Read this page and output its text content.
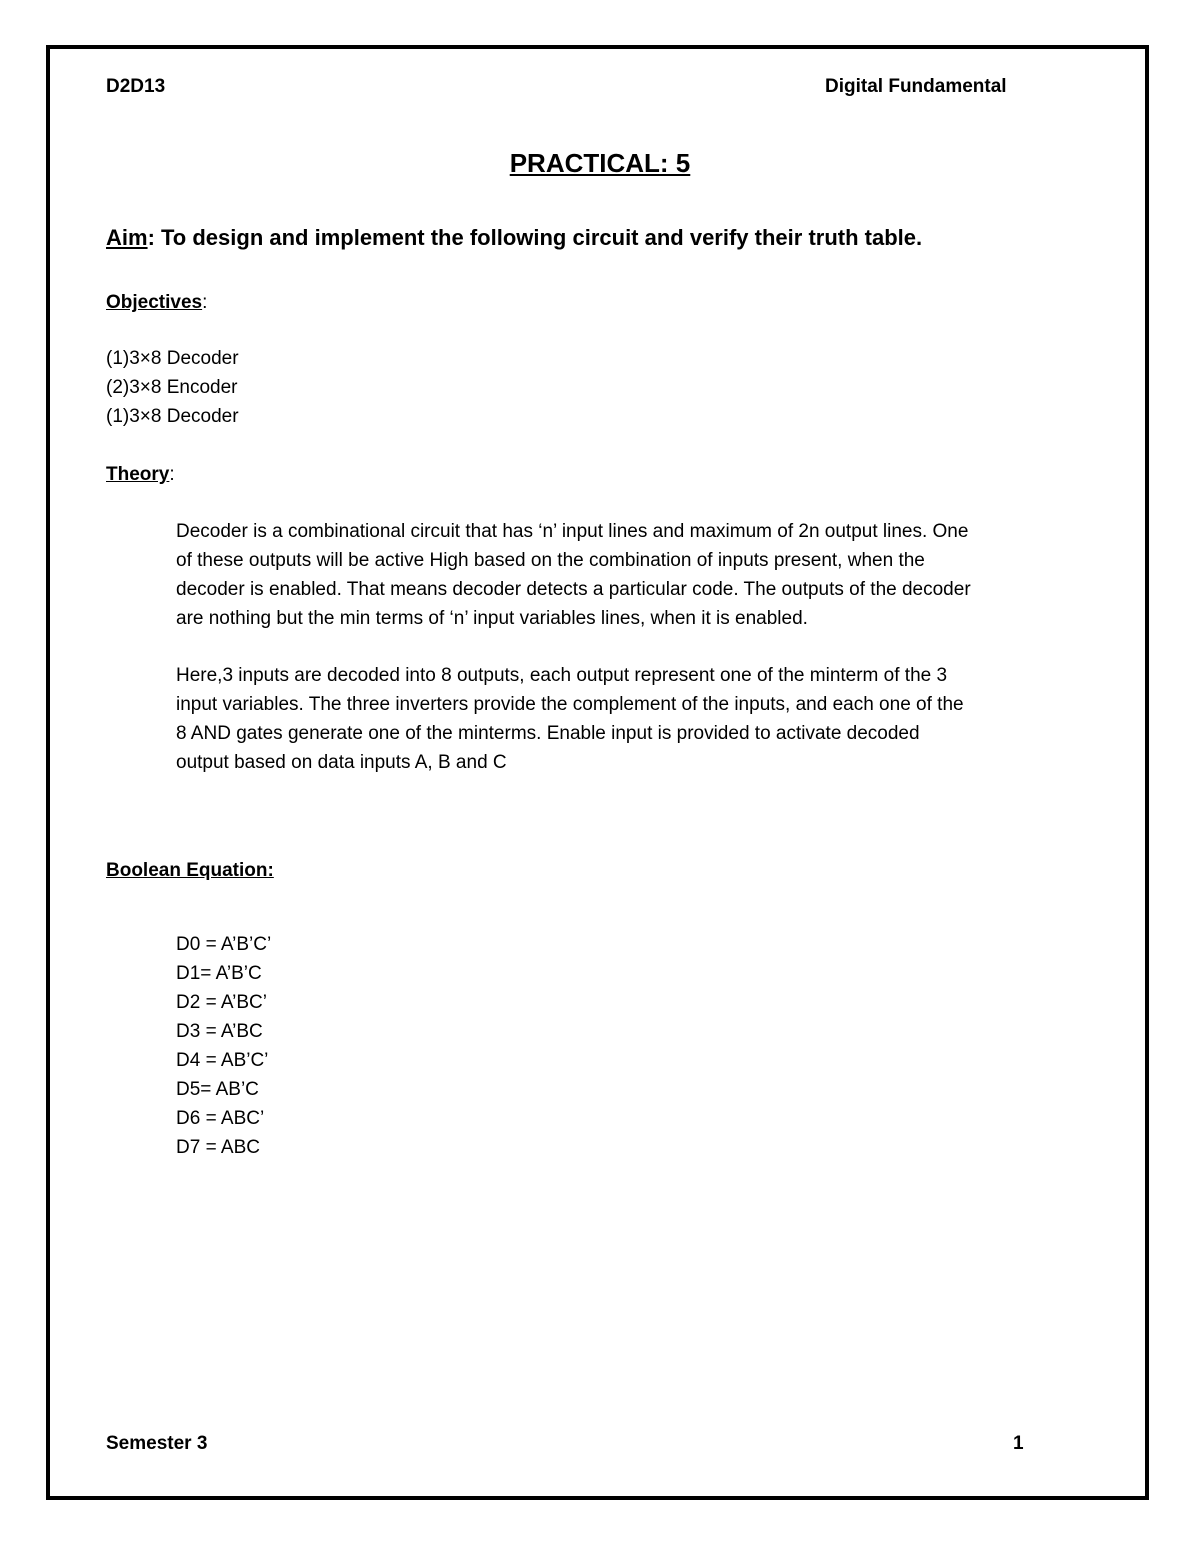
D2D13	Digital Fundamental
PRACTICAL: 5
Aim: To design and implement the following circuit and verify their truth table.
Objectives:
(1)3×8 Decoder
(2)3×8 Encoder
(1)3×8 Decoder
Theory:

Decoder is a combinational circuit that has ‘n’ input lines and maximum of 2n output lines. One

of these outputs will be active High based on the combination of inputs present, when the

decoder is enabled. That means decoder detects a particular code. The outputs of the decoder

are nothing but the min terms of ‘n’ input variables lines, when it is enabled.

Here,3 inputs are decoded into 8 outputs, each output represent one of the minterm of the 3

input variables. The three inverters provide the complement of the inputs, and each one of the

8 AND gates generate one of the minterms. Enable input is provided to activate decoded

output based on data inputs A, B and C

Boolean Equation:
D0 = A’B’C’
D1= A’B’C
D2 = A’BC’
D3 = A’BC
D4 = AB’C’
D5= AB’C
D6 = ABC’
D7 = ABC
Semester 3	1
